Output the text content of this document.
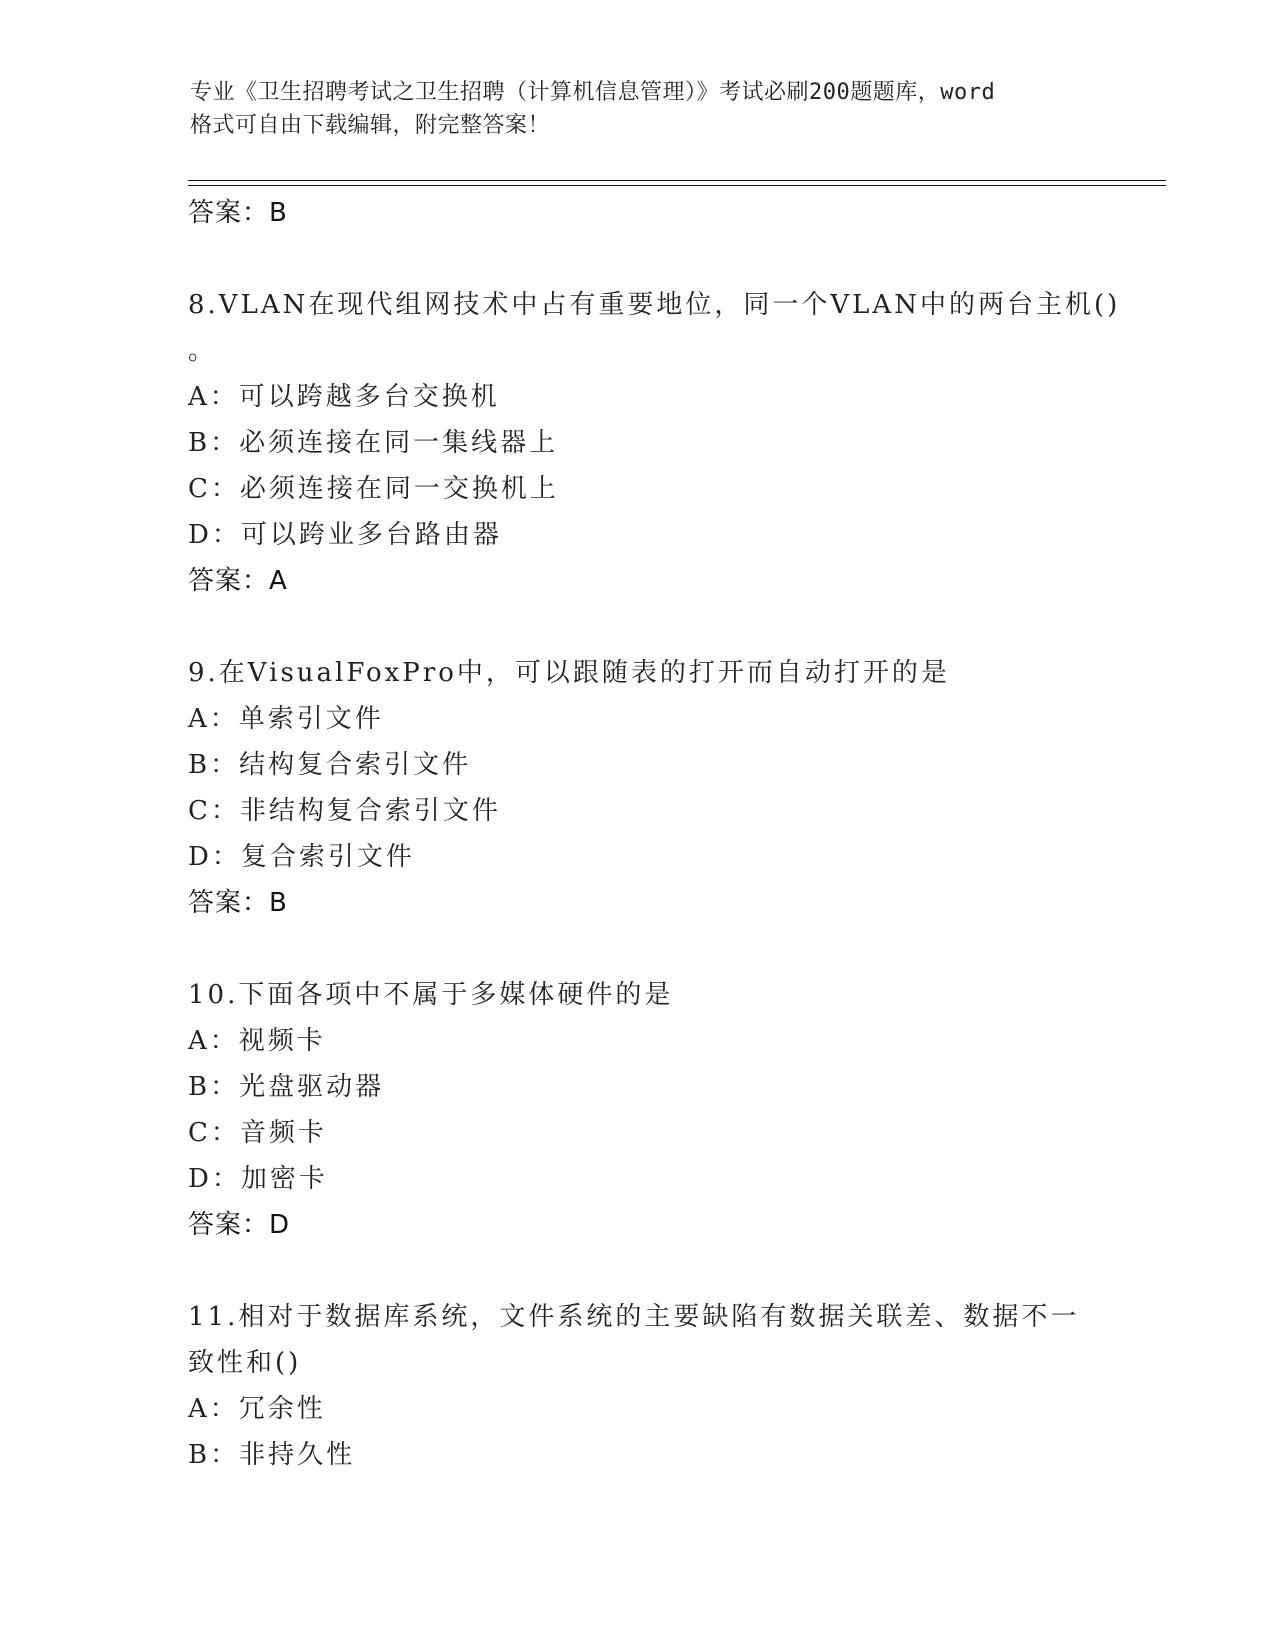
专业《卫生招聘考试之卫生招聘（计算机信息管理）》考试必刷200题题库，word
格式可自由下载编辑，附完整答案！
答案：B
8.VLAN在现代组网技术中占有重要地位，同一个VLAN中的两台主机()
。
A：可以跨越多台交换机
B：必须连接在同一集线器上
C：必须连接在同一交换机上
D：可以跨业多台路由器
答案：A
9.在VisualFoxPro中，可以跟随表的打开而自动打开的是
A：单索引文件
B：结构复合索引文件
C：非结构复合索引文件
D：复合索引文件
答案：B
10.下面各项中不属于多媒体硬件的是
A：视频卡
B：光盘驱动器
C：音频卡
D：加密卡
答案：D
11.相对于数据库系统，文件系统的主要缺陷有数据关联差、数据不一
致性和()
A：冗余性
B：非持久性
